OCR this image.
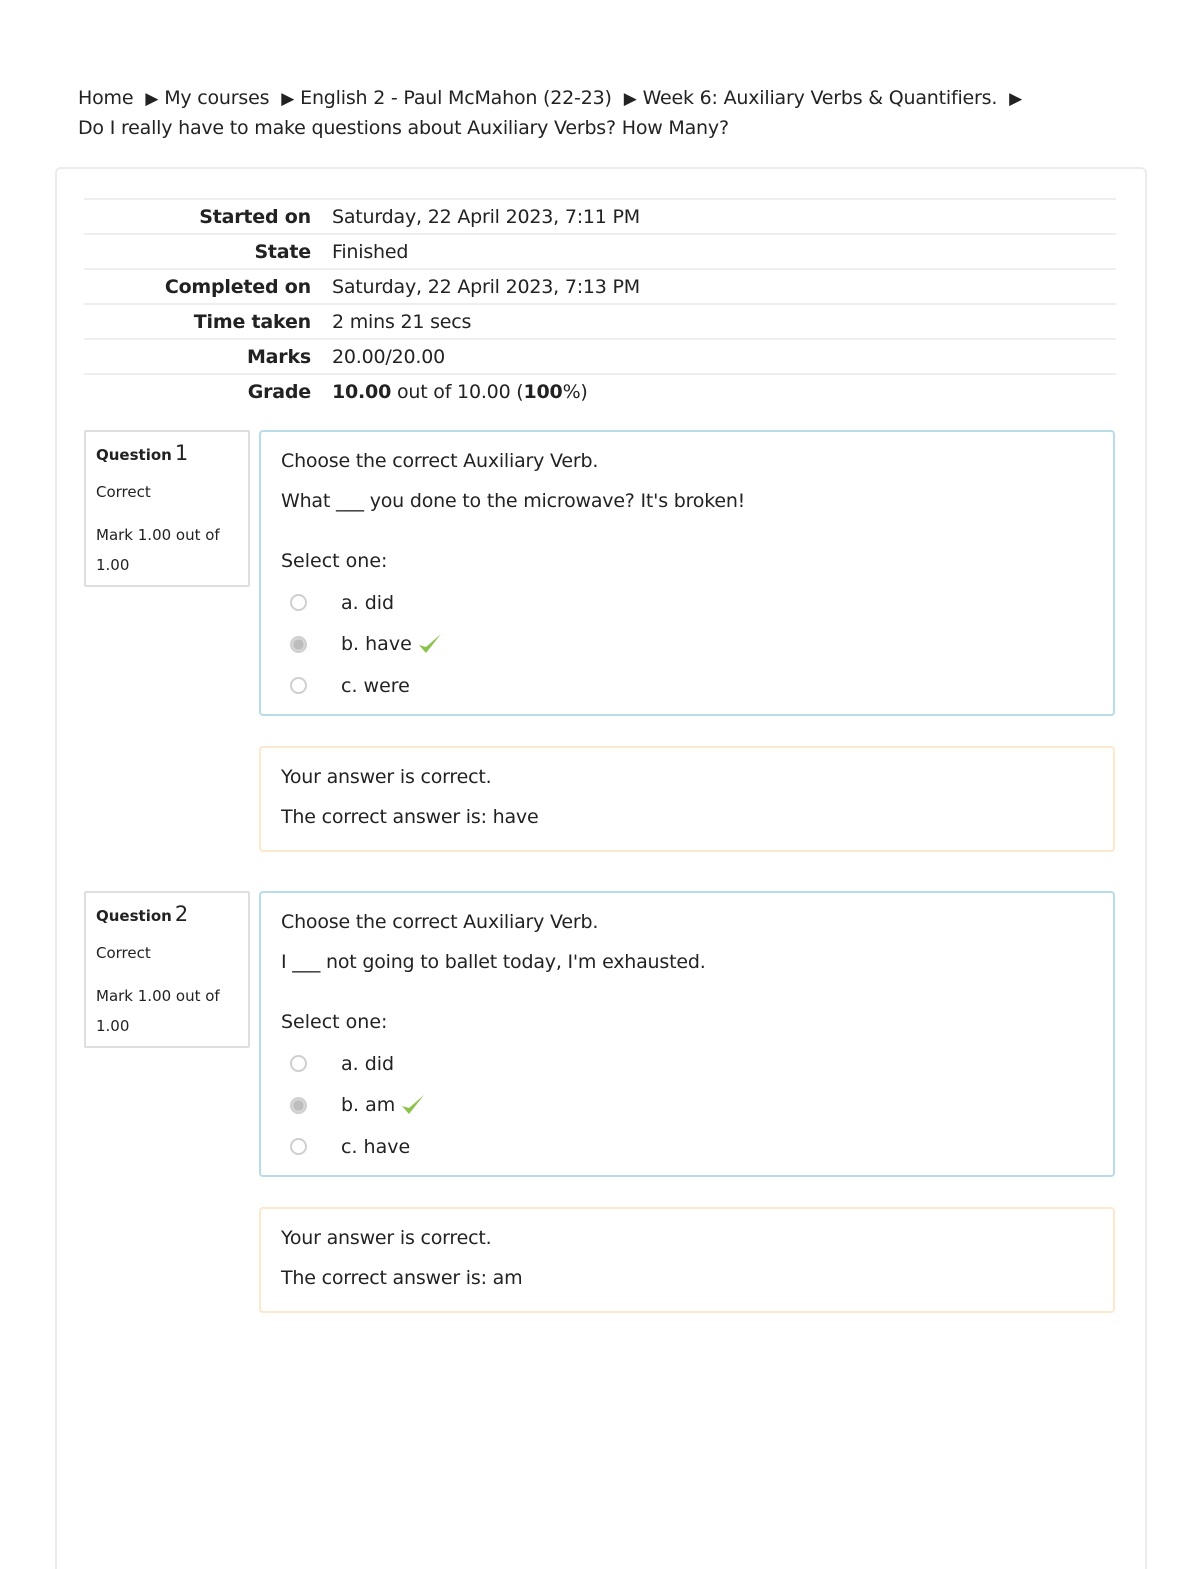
Home ▶ My courses ▶ English 2 - Paul McMahon (22-23) ▶ Week 6: Auxiliary Verbs & Quantifiers. ▶
Do I really have to make questions about Auxiliary Verbs? How Many?
Started on	Saturday, 22 April 2023, 7:11 PM
State	Finished
Completed on	Saturday, 22 April 2023, 7:13 PM
Time taken	2 mins 21 secs
Marks	20.00/20.00
Grade	10.00 out of 10.00 (100%)
Question 1
Correct
Mark 1.00 out of 1.00
Choose the correct Auxiliary Verb.
What ___ you done to the microwave? It's broken!
Select one:
a. did
b. have
c. were
Your answer is correct.
The correct answer is: have
Question 2
Correct
Mark 1.00 out of 1.00
Choose the correct Auxiliary Verb.
I ___ not going to ballet today, I'm exhausted.
Select one:
a. did
b. am
c. have
Your answer is correct.
The correct answer is: am
